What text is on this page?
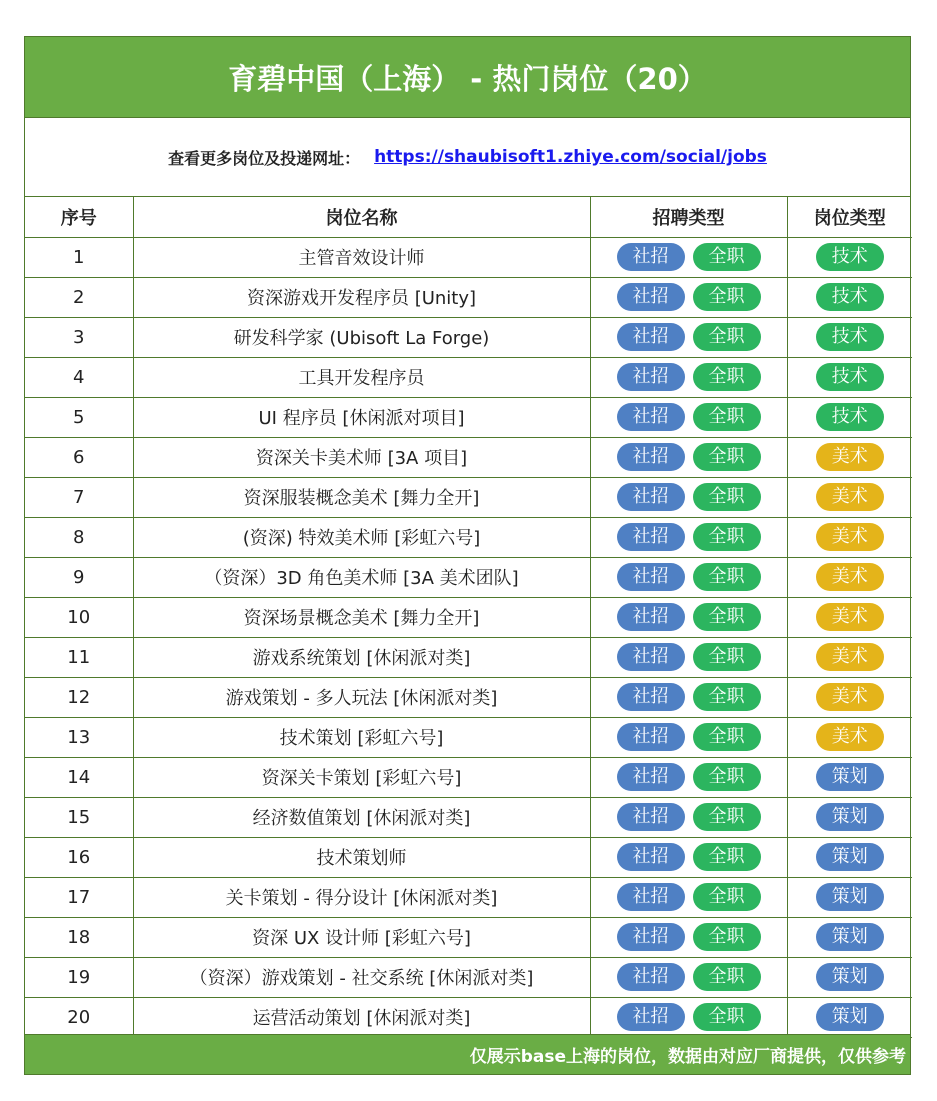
育碧中国（上海） - 热门岗位（20）
查看更多岗位及投递网址： https://shaubisoft1.zhiye.com/social/jobs
序号	岗位名称	招聘类型	岗位类型
1	主管音效设计师	社招 全职	技术
2	资深游戏开发程序员 [Unity]	社招 全职	技术
3	研发科学家 (Ubisoft La Forge)	社招 全职	技术
4	工具开发程序员	社招 全职	技术
5	UI 程序员 [休闲派对项目]	社招 全职	技术
6	资深关卡美术师 [3A 项目]	社招 全职	美术
7	资深服装概念美术 [舞力全开]	社招 全职	美术
8	(资深) 特效美术师 [彩虹六号]	社招 全职	美术
9	（资深）3D 角色美术师 [3A 美术团队]	社招 全职	美术
10	资深场景概念美术 [舞力全开]	社招 全职	美术
11	游戏系统策划 [休闲派对类]	社招 全职	美术
12	游戏策划 - 多人玩法 [休闲派对类]	社招 全职	美术
13	技术策划 [彩虹六号]	社招 全职	美术
14	资深关卡策划 [彩虹六号]	社招 全职	策划
15	经济数值策划 [休闲派对类]	社招 全职	策划
16	技术策划师	社招 全职	策划
17	关卡策划 - 得分设计 [休闲派对类]	社招 全职	策划
18	资深 UX 设计师 [彩虹六号]	社招 全职	策划
19	（资深）游戏策划 - 社交系统 [休闲派对类]	社招 全职	策划
20	运营活动策划 [休闲派对类]	社招 全职	策划
仅展示base上海的岗位，数据由对应厂商提供，仅供参考
